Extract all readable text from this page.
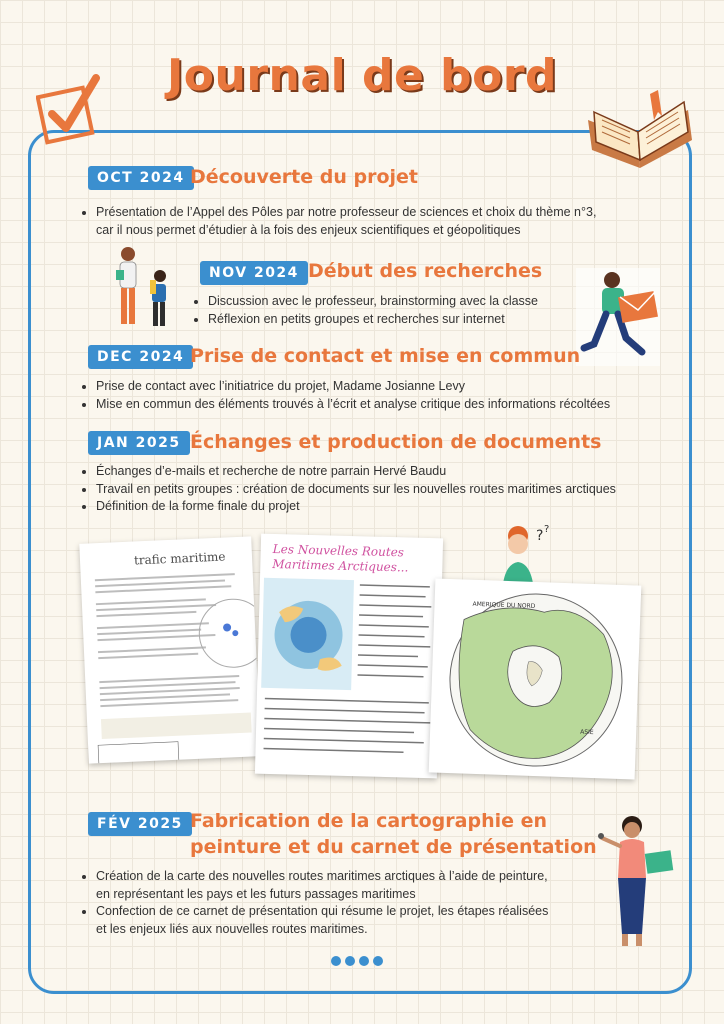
Journal de bord
OCT 2024 Découverte du projet
• Présentation de l’Appel des Pôles par notre professeur de sciences et choix du thème n°3,
car il nous permet d’étudier à la fois des enjeux scientifiques et géopolitiques
NOV 2024 Début des recherches
• Discussion avec le professeur, brainstorming avec la classe
• Réflexion en petits groupes et recherches sur internet
DEC 2024 Prise de contact et mise en commun
• Prise de contact avec l’initiatrice du projet, Madame Josianne Levy
• Mise en commun des éléments trouvés à l’écrit et analyse critique des informations récoltées
JAN 2025 Échanges et production de documents
• Échanges d’e-mails et recherche de notre parrain Hervé Baudu
• Travail en petits groupes : création de documents sur les nouvelles routes maritimes arctiques
• Définition de la forme finale du projet
? ?
trafic maritime	Les Nouvelles Routes Maritimes Arctiques...
AMERIQUE DU NORD
ASIE
FÉV 2025 Fabrication de la cartographie en
peinture et du carnet de présentation
• Création de la carte des nouvelles routes maritimes arctiques à l’aide de peinture,
en représentant les pays et les futurs passages maritimes
• Confection de ce carnet de présentation qui résume le projet, les étapes réalisées
et les enjeux liés aux nouvelles routes maritimes.
